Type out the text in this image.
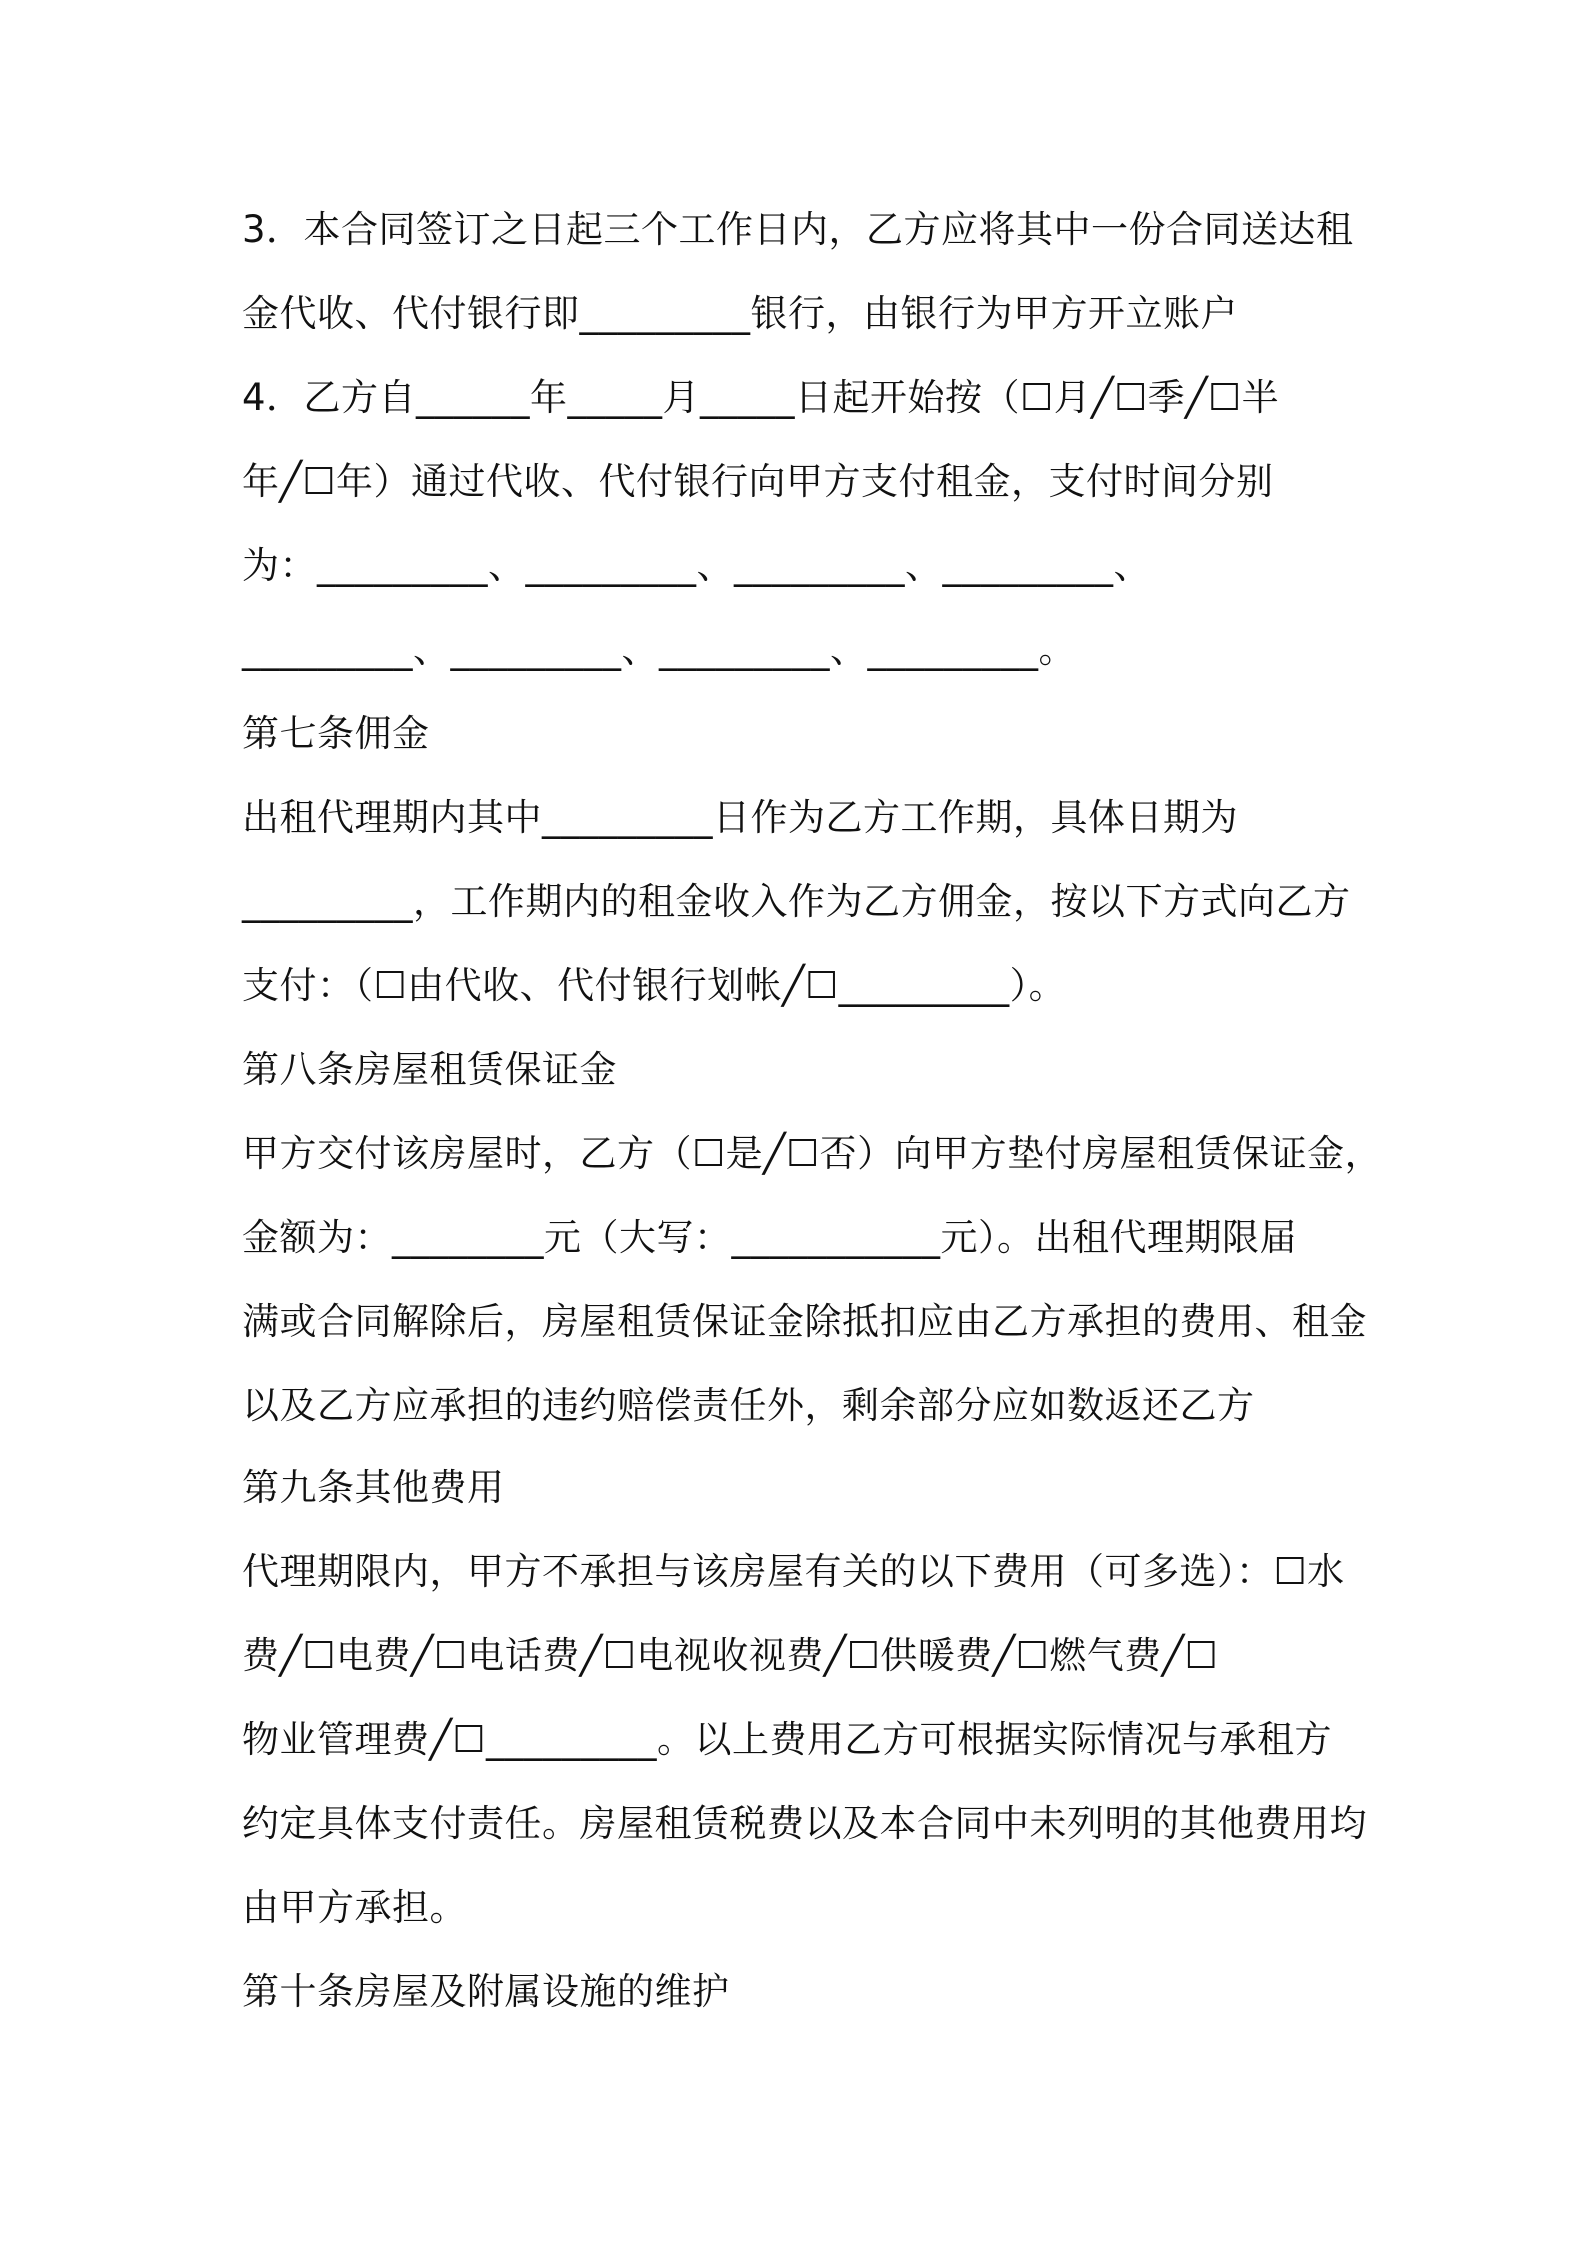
3．本合同签订之日起三个工作日内，乙方应将其中一份合同送达租
金代收、代付银行即_________银行，由银行为甲方开立账户
4．乙方自______年_____月_____日起开始按（☐月╱☐季╱☐半
年╱☐年）通过代收、代付银行向甲方支付租金，支付时间分别
为：_________、_________、_________、_________、
_________、_________、_________、_________。
第七条佣金
出租代理期内其中_________日作为乙方工作期，具体日期为
_________，工作期内的租金收入作为乙方佣金，按以下方式向乙方
支付：（☐由代收、代付银行划帐╱☐_________）。
第八条房屋租赁保证金
甲方交付该房屋时，乙方（☐是╱☐否）向甲方垫付房屋租赁保证金，
金额为：________元（大写：___________元）。出租代理期限届
满或合同解除后，房屋租赁保证金除抵扣应由乙方承担的费用、租金
以及乙方应承担的违约赔偿责任外，剩余部分应如数返还乙方
第九条其他费用
代理期限内，甲方不承担与该房屋有关的以下费用（可多选）：☐水
费╱☐电费╱☐电话费╱☐电视收视费╱☐供暖费╱☐燃气费╱☐
物业管理费╱☐_________。以上费用乙方可根据实际情况与承租方
约定具体支付责任。房屋租赁税费以及本合同中未列明的其他费用均
由甲方承担。
第十条房屋及附属设施的维护
